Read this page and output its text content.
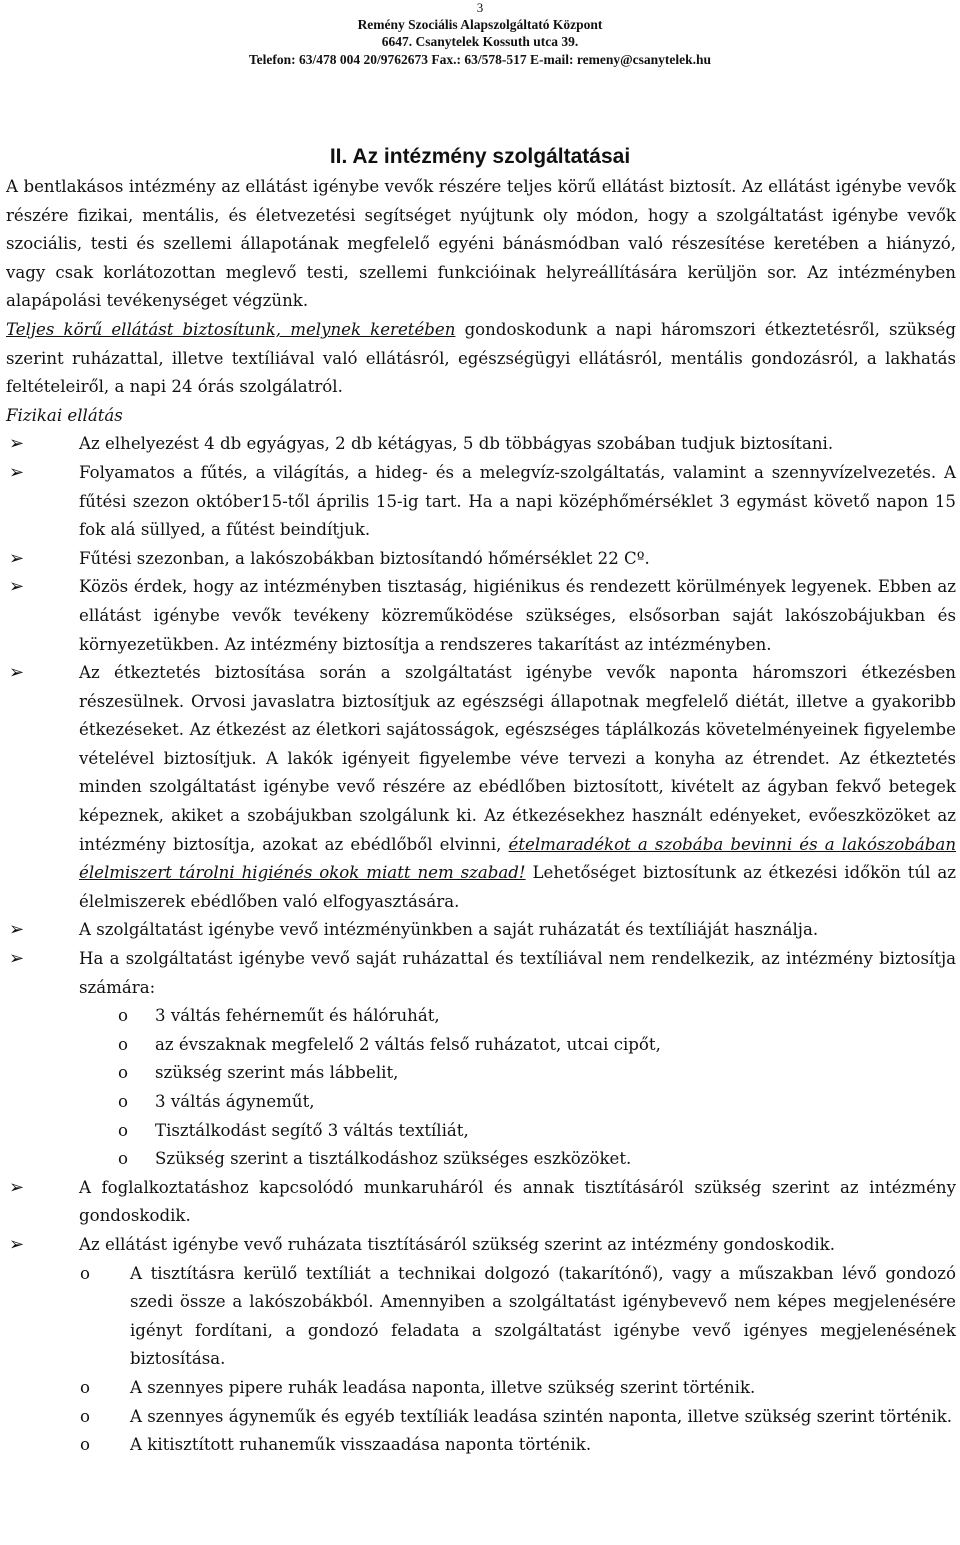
3
Remény Szociális Alapszolgáltató Központ
6647. Csanytelek Kossuth utca 39.
Telefon: 63/478 004 20/9762673 Fax.: 63/578-517 E-mail: remeny@csanytelek.hu
II. Az intézmény szolgáltatásai

A bentlakásos intézmény az ellátást igénybe vevők részére teljes körű ellátást biztosít. Az ellátást igénybe vevők részére fizikai, mentális, és életvezetési segítséget nyújtunk oly módon, hogy a szolgáltatást igénybe vevők szociális, testi és szellemi állapotának megfelelő egyéni bánásmódban való részesítése keretében a hiányzó, vagy csak korlátozottan meglevő testi, szellemi funkcióinak helyreállítására kerüljön sor. Az intézményben alapápolási tevékenységet végzünk.

Teljes körű ellátást biztosítunk, melynek keretében gondoskodunk a napi háromszori étkeztetésről, szükség szerint ruházattal, illetve textíliával való ellátásról, egészségügyi ellátásról, mentális gondozásról, a lakhatás feltételeiről, a napi 24 órás szolgálatról.

Fizikai ellátás

➢	Az elhelyezést 4 db egyágyas, 2 db kétágyas, 5 db többágyas szobában tudjuk biztosítani.
➢	Folyamatos a fűtés, a világítás, a hideg- és a melegvíz-szolgáltatás, valamint a szennyvízelvezetés. A fűtési szezon október15-től április 15-ig tart. Ha a napi középhőmérséklet 3 egymást követő napon 15 fok alá süllyed, a fűtést beindítjuk.
➢	Fűtési szezonban, a lakószobákban biztosítandó hőmérséklet 22 Cº.
➢	Közös érdek, hogy az intézményben tisztaság, higiénikus és rendezett körülmények legyenek. Ebben az ellátást igénybe vevők tevékeny közreműködése szükséges, elsősorban saját lakószobájukban és környezetükben. Az intézmény biztosítja a rendszeres takarítást az intézményben.
➢	Az étkeztetés biztosítása során a szolgáltatást igénybe vevők naponta háromszori étkezésben részesülnek. Orvosi javaslatra biztosítjuk az egészségi állapotnak megfelelő diétát, illetve a gyakoribb étkezéseket. Az étkezést az életkori sajátosságok, egészséges táplálkozás követelményeinek figyelembe vételével biztosítjuk. A lakók igényeit figyelembe véve tervezi a konyha az étrendet. Az étkeztetés minden szolgáltatást igénybe vevő részére az ebédlőben biztosított, kivételt az ágyban fekvő betegek képeznek, akiket a szobájukban szolgálunk ki. Az étkezésekhez használt edényeket, evőeszközöket az intézmény biztosítja, azokat az ebédlőből elvinni, ételmaradékot a szobába bevinni és a lakószobában élelmiszert tárolni higiénés okok miatt nem szabad! Lehetőséget biztosítunk az étkezési időkön túl az élelmiszerek ebédlőben való elfogyasztására.
➢	A szolgáltatást igénybe vevő intézményünkben a saját ruházatát és textíliáját használja.
➢	Ha a szolgáltatást igénybe vevő saját ruházattal és textíliával nem rendelkezik, az intézmény biztosítja számára:
o 3 váltás fehérneműt és hálóruhát,
o az évszaknak megfelelő 2 váltás felső ruházatot, utcai cipőt,
o szükség szerint más lábbelit,
o 3 váltás ágyneműt,
o Tisztálkodást segítő 3 váltás textíliát,
o Szükség szerint a tisztálkodáshoz szükséges eszközöket.
➢	A foglalkoztatáshoz kapcsolódó munkaruháról és annak tisztításáról szükség szerint az intézmény gondoskodik.
➢	Az ellátást igénybe vevő ruházata tisztításáról szükség szerint az intézmény gondoskodik.
o A tisztításra kerülő textíliát a technikai dolgozó (takarítónő), vagy a műszakban lévő gondozó szedi össze a lakószobákból. Amennyiben a szolgáltatást igénybevevő nem képes megjelenésére igényt fordítani, a gondozó feladata a szolgáltatást igénybe vevő igényes megjelenésének biztosítása.
o A szennyes pipere ruhák leadása naponta, illetve szükség szerint történik.
o A szennyes ágyneműk és egyéb textíliák leadása szintén naponta, illetve szükség szerint történik.
o A kitisztított ruhaneműk visszaadása naponta történik.
